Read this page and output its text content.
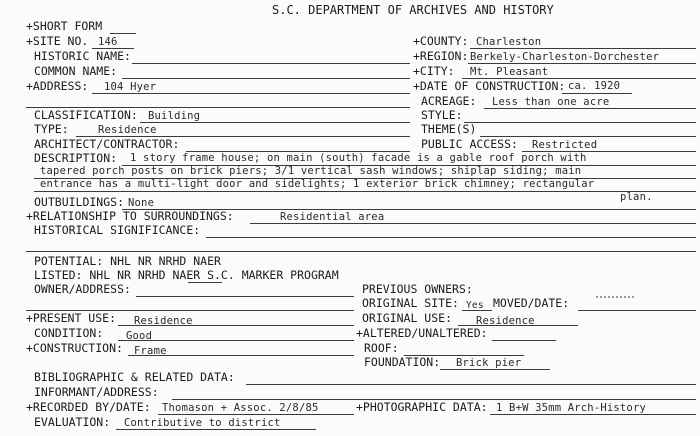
S.C. DEPARTMENT OF ARCHIVES AND HISTORY
+SHORT FORM
+SITE NO. 146	+COUNTY: Charleston
HISTORIC NAME:	+REGION: Berkely-Charleston-Dorchester
COMMON NAME:	+CITY: Mt. Pleasant
+ADDRESS: 104 Hyer	+DATE OF CONSTRUCTION: ca. 1920
ACREAGE: Less than one acre
CLASSIFICATION: Building	STYLE:
TYPE:	Residence	THEME(S)
ARCHITECT/CONTRACTOR:	PUBLIC ACCESS: Restricted
DESCRIPTION: 1 story frame house; on main (south) facade is a gable roof porch with
tapered porch posts on brick piers; 3/1 vertical sash windows; shiplap siding; main
entrance has a multi-light door and sidelights; 1 exterior brick chimney; rectangular
plan.
OUTBUILDINGS: None
+RELATIONSHIP TO SURROUNDINGS:	Residential area
HISTORICAL SIGNIFICANCE:
POTENTIAL: NHL NR NRHD NAER
LISTED: NHL NR NRHD NAER S.C. MARKER PROGRAM
OWNER/ADDRESS:	PREVIOUS OWNERS:
ORIGINAL SITE: Yes MOVED/DATE:
+PRESENT USE: Residence	ORIGINAL USE: Residence
CONDITION: Good	+ALTERED/UNALTERED:
+CONSTRUCTION: Frame	ROOF:
FOUNDATION: Brick pier
BIBLIOGRAPHIC & RELATED DATA:
INFORMANT/ADDRESS:
+RECORDED BY/DATE: Thomason + Assoc. 2/8/85	+PHOTOGRAPHIC DATA: 1 B+W 35mm Arch-History
EVALUATION: Contributive to district
